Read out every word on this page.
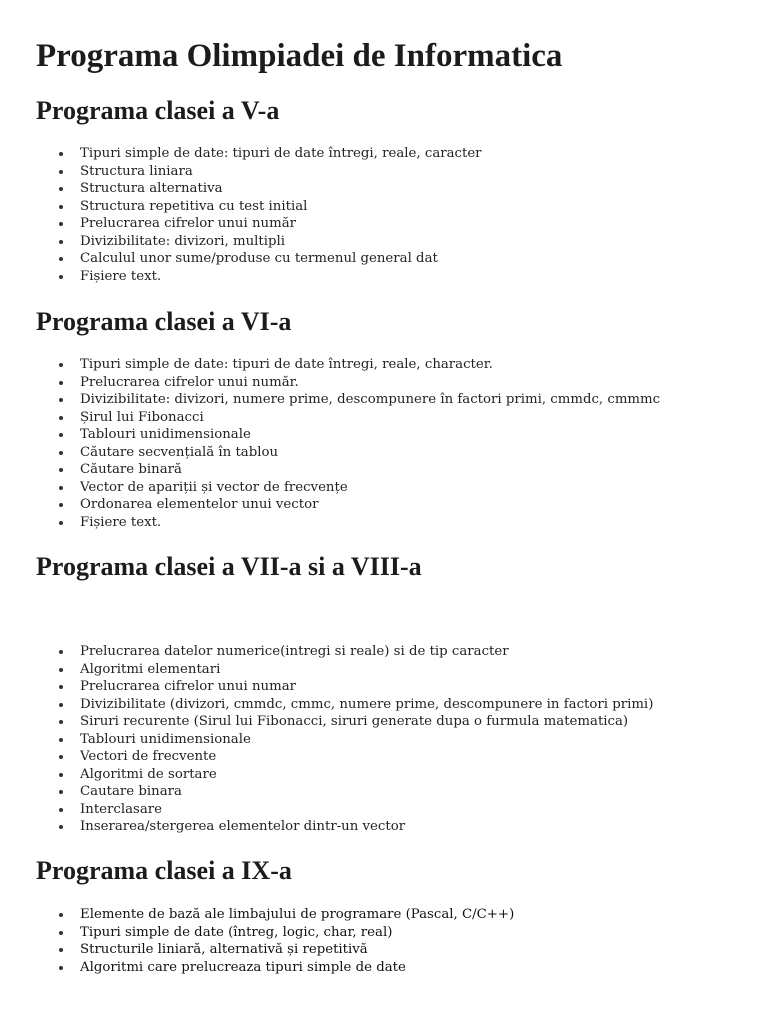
Programa Olimpiadei de Informatica
Programa clasei a V-a
Tipuri simple de date: tipuri de date întregi, reale, caracter
Structura liniara
Structura alternativa
Structura repetitiva cu test initial
Prelucrarea cifrelor unui număr
Divizibilitate: divizori, multipli
Calculul unor sume/produse cu termenul general dat
Fișiere text.
Programa clasei a VI-a
Tipuri simple de date: tipuri de date întregi, reale, character.
Prelucrarea cifrelor unui număr.
Divizibilitate: divizori, numere prime, descompunere în factori primi, cmmdc, cmmmc
Șirul lui Fibonacci
Tablouri unidimensionale
Căutare secvențială în tablou
Căutare binară
Vector de apariții și vector de frecvențe
Ordonarea elementelor unui vector
Fișiere text.
Programa clasei a VII-a si a VIII-a
Prelucrarea datelor numerice(intregi si reale) si de tip caracter
Algoritmi elementari
Prelucrarea cifrelor unui numar
Divizibilitate (divizori, cmmdc, cmmc, numere prime, descompunere in factori primi)
Siruri recurente (Sirul lui Fibonacci, siruri generate dupa o furmula matematica)
Tablouri unidimensionale
Vectori de frecvente
Algoritmi de sortare
Cautare binara
Interclasare
Inserarea/stergerea elementelor dintr-un vector
Programa clasei a IX-a
Elemente de bază ale limbajului de programare (Pascal, C/C++)
Tipuri simple de date (întreg, logic, char, real)
Structurile liniară, alternativă și repetitivă
Algoritmi care prelucreaza tipuri simple de date
